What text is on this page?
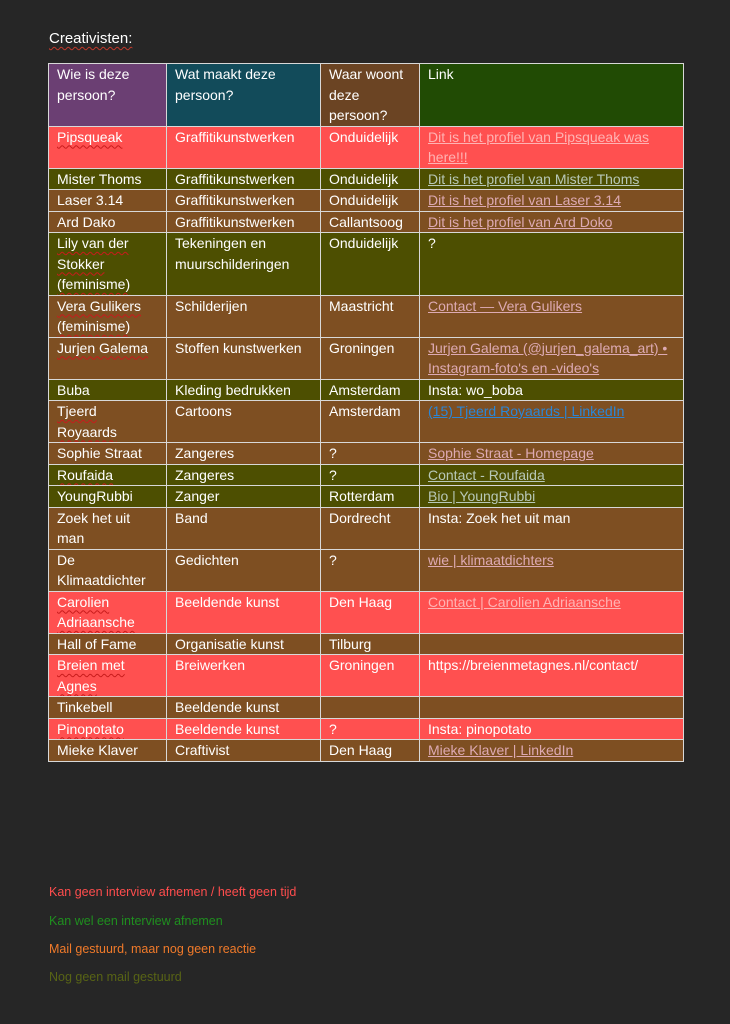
Creativisten:
Wie is deze persoon?	Wat maakt deze persoon?	Waar woont deze persoon?	Link
Pipsqueak	Graffitikunstwerken	Onduidelijk	Dit is het profiel van Pipsqueak was here!!!
Mister Thoms	Graffitikunstwerken	Onduidelijk	Dit is het profiel van Mister Thoms
Laser 3.14	Graffitikunstwerken	Onduidelijk	Dit is het profiel van Laser 3.14
Ard Dako	Graffitikunstwerken	Callantsoog	Dit is het profiel van Ard Doko
Lily van der Stokker (feminisme)	Tekeningen en muurschilderingen	Onduidelijk	?
Vera Gulikers (feminisme)	Schilderijen	Maastricht	Contact — Vera Gulikers
Jurjen Galema	Stoffen kunstwerken	Groningen	Jurjen Galema (@jurjen_galema_art) • Instagram-foto's en -video's
Buba	Kleding bedrukken	Amsterdam	Insta: wo_boba
Tjeerd Royaards	Cartoons	Amsterdam	(15) Tjeerd Royaards | LinkedIn
Sophie Straat	Zangeres	?	Sophie Straat - Homepage
Roufaida	Zangeres	?	Contact - Roufaida
YoungRubbi	Zanger	Rotterdam	Bio | YoungRubbi
Zoek het uit man	Band	Dordrecht	Insta: Zoek het uit man
De Klimaatdichter	Gedichten	?	wie | klimaatdichters
Carolien Adriaansche	Beeldende kunst	Den Haag	Contact | Carolien Adriaansche
Hall of Fame	Organisatie kunst	Tilburg	
Breien met Agnes	Breiwerken	Groningen	https://breienmetagnes.nl/contact/
Tinkebell	Beeldende kunst		
Pinopotato	Beeldende kunst	?	Insta: pinopotato
Mieke Klaver	Craftivist	Den Haag	Mieke Klaver | LinkedIn
Kan geen interview afnemen / heeft geen tijd
Kan wel een interview afnemen
Mail gestuurd, maar nog geen reactie
Nog geen mail gestuurd
